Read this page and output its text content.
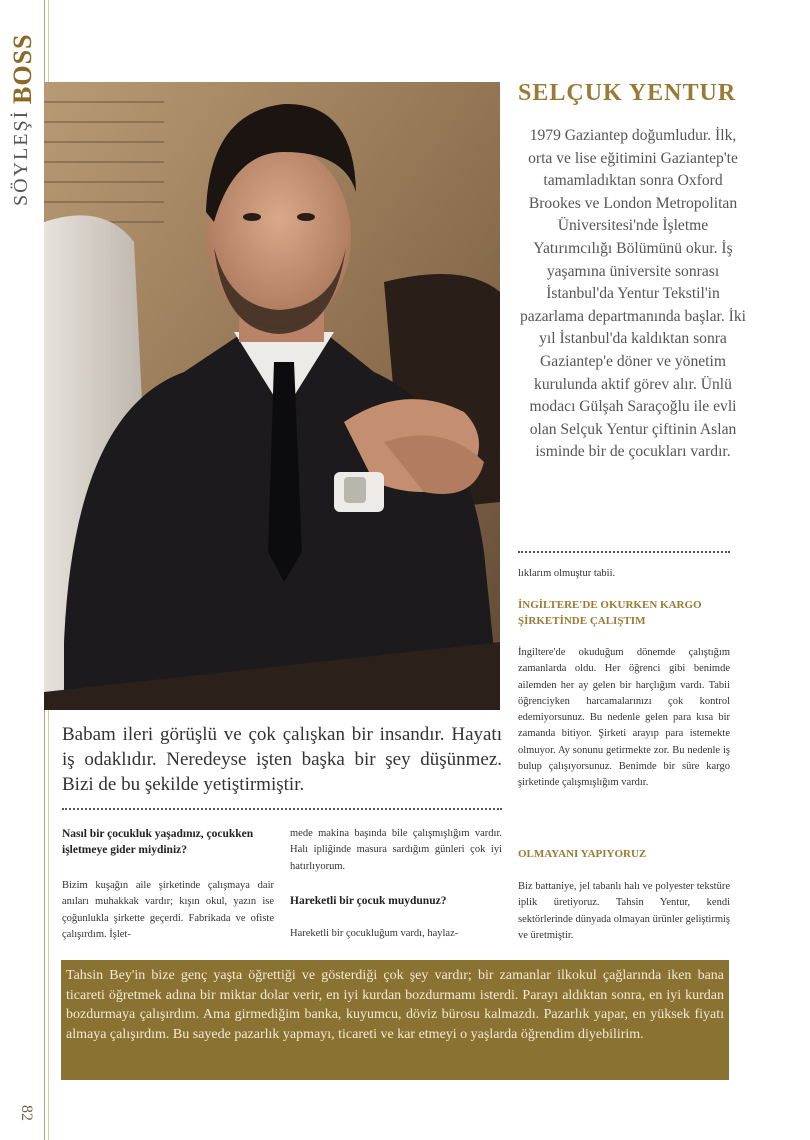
BOSS
SÖYLEŞİ
82
SELÇUK YENTUR
1979 Gaziantep doğumludur. İlk, orta ve lise eğitimini Gaziantep'te tamamladıktan sonra Oxford Brookes ve London Metropolitan Üniversitesi'nde İşletme Yatırımcılığı Bölümünü okur. İş yaşamına üniversite sonrası İstanbul'da Yentur Tekstil'in pazarlama departmanında başlar. İki yıl İstanbul'da kaldıktan sonra Gaziantep'e döner ve yönetim kurulunda aktif görev alır. Ünlü modacı Gülşah Saraçoğlu ile evli olan Selçuk Yentur çiftinin Aslan isminde bir de çocukları vardır.
Babam ileri görüşlü ve çok çalışkan bir insandır. Hayatı iş odaklıdır. Neredeyse işten başka bir şey düşünmez. Bizi de bu şekilde yetiştirmiştir.
Nasıl bir çocukluk yaşadınız, çocukken işletmeye gider miydiniz?
Bizim kuşağın aile şirketinde çalışmaya dair anıları muhakkak vardır; kışın okul, yazın ise çoğunlukla şirkette geçerdi. Fabrikada ve ofiste çalışırdım. İşlet-
mede makina başında bile çalışmışlığım vardır. Halı ipliğinde masura sardığım günleri çok iyi hatırlıyorum.
Hareketli bir çocuk muydunuz?
Hareketli bir çocukluğum vardı, haylaz-
lıklarım olmuştur tabii.
İNGİLTERE'DE OKURKEN KARGO ŞİRKETİNDE ÇALIŞTIM
İngiltere'de okuduğum dönemde çalıştığım zamanlarda oldu. Her öğrenci gibi benimde ailemden her ay gelen bir harçlığım vardı. Tabii öğrenciyken harcamalarınızı çok kontrol edemiyorsunuz. Bu nedenle gelen para kısa bir zamanda bitiyor. Şirketi arayıp para istemekte olmuyor. Ay sonunu getirmekte zor. Bu nedenle iş bulup çalışıyorsunuz. Benimde bir süre kargo şirketinde çalışmışlığım vardır.
OLMAYANI YAPIYORUZ
Biz battaniye, jel tabanlı halı ve polyester tekstüre iplik üretiyoruz. Tahsin Yentur, kendi sektörlerinde dünyada olmayan ürünler geliştirmiş ve üretmiştir.
Tahsin Bey'in bize genç yaşta öğrettiği ve gösterdiği çok şey vardır; bir zamanlar ilkokul çağlarında iken bana ticareti öğretmek adına bir miktar dolar verir, en iyi kurdan bozdurmamı isterdi. Parayı aldıktan sonra, en iyi kurdan bozdurmaya çalışırdım. Ama girmediğim banka, kuyumcu, döviz bürosu kalmazdı. Pazarlık yapar, en yüksek fiyatı almaya çalışırdım. Bu sayede pazarlık yapmayı, ticareti ve kar etmeyi o yaşlarda öğrendim diyebilirim.
